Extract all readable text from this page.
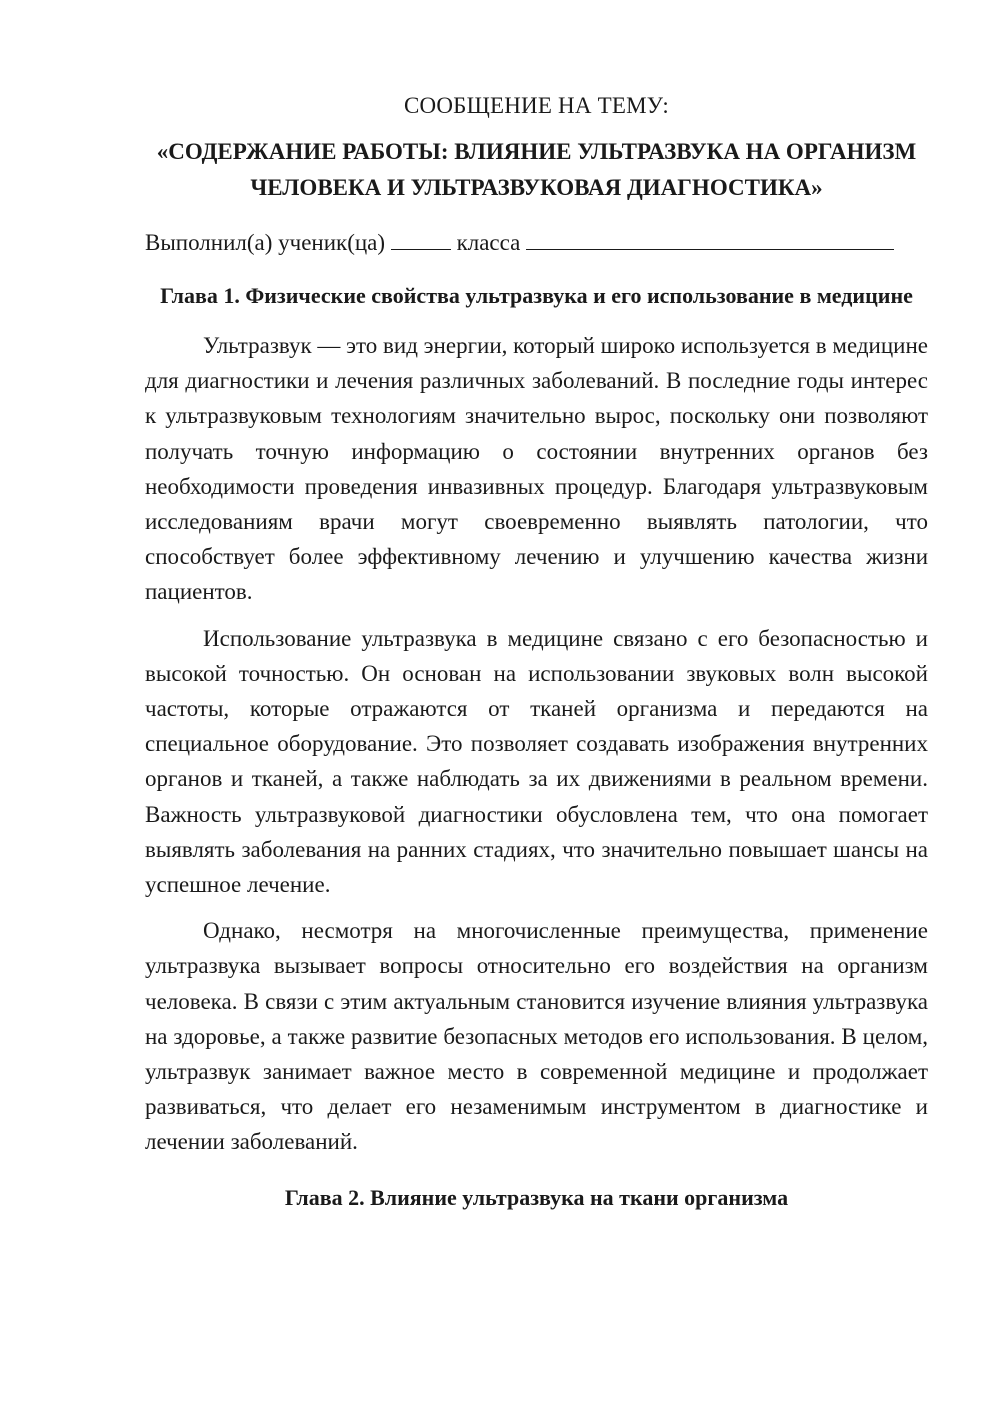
СООБЩЕНИЕ НА ТЕМУ:

«СОДЕРЖАНИЕ РАБОТЫ: ВЛИЯНИЕ УЛЬТРАЗВУКА НА ОРГАНИЗМ ЧЕЛОВЕКА И УЛЬТРАЗВУКОВАЯ ДИАГНОСТИКА»

Выполнил(а) ученик(ца)	класса

Глава 1. Физические свойства ультразвука и его использование в медицине

Ультразвук — это вид энергии, который широко используется в медицине для диагностики и лечения различных заболеваний. В последние годы интерес к ультразвуковым технологиям значительно вырос, поскольку они позволяют получать точную информацию о состоянии внутренних органов без необходимости проведения инвазивных процедур. Благодаря ультразвуковым исследованиям врачи могут своевременно выявлять патологии, что способствует более эффективному лечению и улучшению качества жизни пациентов.

Использование ультразвука в медицине связано с его безопасностью и высокой точностью. Он основан на использовании звуковых волн высокой частоты, которые отражаются от тканей организма и передаются на специальное оборудование. Это позволяет создавать изображения внутренних органов и тканей, а также наблюдать за их движениями в реальном времени. Важность ультразвуковой диагностики обусловлена тем, что она помогает выявлять заболевания на ранних стадиях, что значительно повышает шансы на успешное лечение.

Однако, несмотря на многочисленные преимущества, применение ультразвука вызывает вопросы относительно его воздействия на организм человека. В связи с этим актуальным становится изучение влияния ультразвука на здоровье, а также развитие безопасных методов его использования. В целом, ультразвук занимает важное место в современной медицине и продолжает развиваться, что делает его незаменимым инструментом в диагностике и лечении заболеваний.

Глава 2. Влияние ультразвука на ткани организма
